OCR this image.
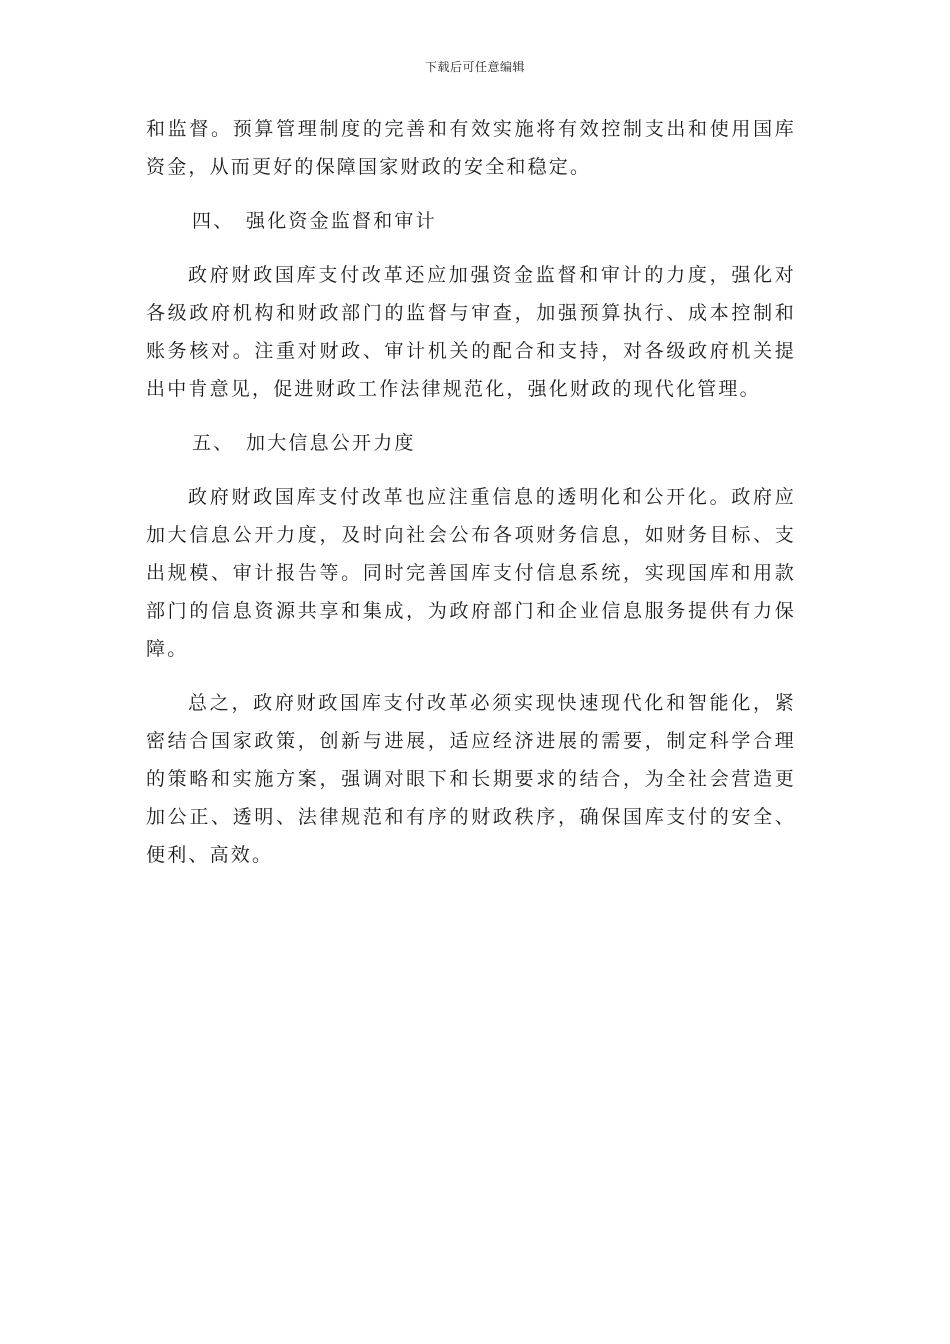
下载后可任意编辑

和监督。预算管理制度的完善和有效实施将有效控制支出和使用国库资金，从而更好的保障国家财政的安全和稳定。

四、 强化资金监督和审计

政府财政国库支付改革还应加强资金监督和审计的力度，强化对各级政府机构和财政部门的监督与审查，加强预算执行、成本控制和账务核对。注重对财政、审计机关的配合和支持，对各级政府机关提出中肯意见，促进财政工作法律规范化，强化财政的现代化管理。

五、 加大信息公开力度

政府财政国库支付改革也应注重信息的透明化和公开化。政府应加大信息公开力度，及时向社会公布各项财务信息，如财务目标、支出规模、审计报告等。同时完善国库支付信息系统，实现国库和用款部门的信息资源共享和集成，为政府部门和企业信息服务提供有力保障。

总之，政府财政国库支付改革必须实现快速现代化和智能化，紧密结合国家政策，创新与进展，适应经济进展的需要，制定科学合理的策略和实施方案，强调对眼下和长期要求的结合，为全社会营造更加公正、透明、法律规范和有序的财政秩序，确保国库支付的安全、便利、高效。
